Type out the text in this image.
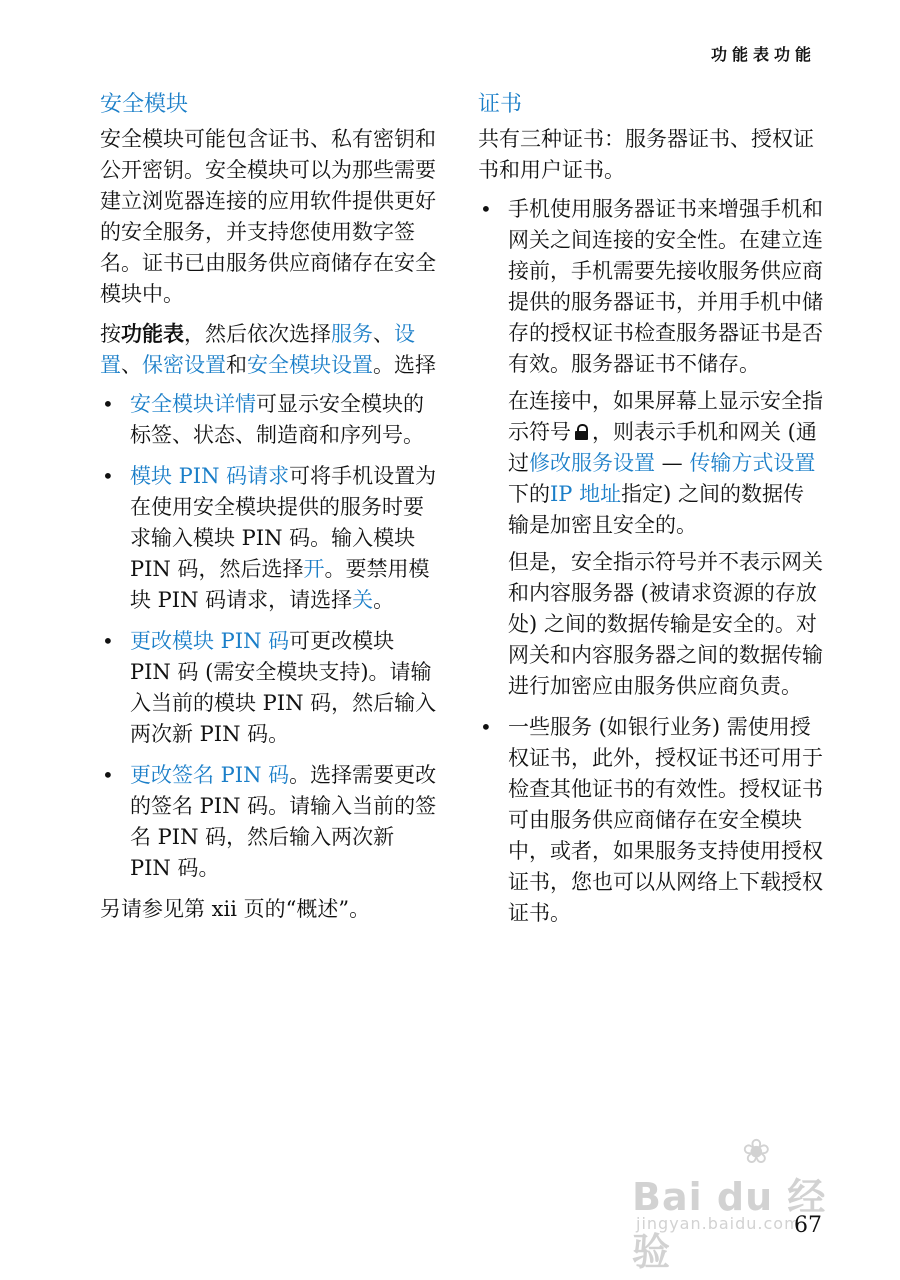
功能表功能
安全模块

安全模块可能包含证书、私有密钥和公开密钥。安全模块可以为那些需要建立浏览器连接的应用软件提供更好的安全服务，并支持您使用数字签名。证书已由服务供应商储存在安全模块中。

按功能表，然后依次选择服务、设置、保密设置和安全模块设置。选择

• 安全模块详情可显示安全模块的标签、状态、制造商和序列号。
• 模块 PIN 码请求可将手机设置为在使用安全模块提供的服务时要求输入模块 PIN 码。输入模块 PIN 码，然后选择开。要禁用模块 PIN 码请求，请选择关。
• 更改模块 PIN 码可更改模块 PIN 码 (需安全模块支持)。请输入当前的模块 PIN 码，然后输入两次新 PIN 码。
• 更改签名 PIN 码。选择需要更改的签名 PIN 码。请输入当前的签名 PIN 码，然后输入两次新 PIN 码。

另请参见第 xii 页的“概述”。

证书

共有三种证书：服务器证书、授权证书和用户证书。

• 手机使用服务器证书来增强手机和网关之间连接的安全性。在建立连接前，手机需要先接收服务供应商提供的服务器证书，并用手机中储存的授权证书检查服务器证书是否有效。服务器证书不储存。
在连接中，如果屏幕上显示安全指示符号 ，则表示手机和网关 (通过修改服务设置 — 传输方式设置下的IP 地址指定) 之间的数据传输是加密且安全的。
但是，安全指示符号并不表示网关和内容服务器 (被请求资源的存放处) 之间的数据传输是安全的。对网关和内容服务器之间的数据传输进行加密应由服务供应商负责。
• 一些服务 (如银行业务) 需使用授权证书，此外，授权证书还可用于检查其他证书的有效性。授权证书可由服务供应商储存在安全模块中，或者，如果服务支持使用授权证书，您也可以从网络上下载授权证书。
❀
Bai du 经验
jingyan.baidu.com
67
